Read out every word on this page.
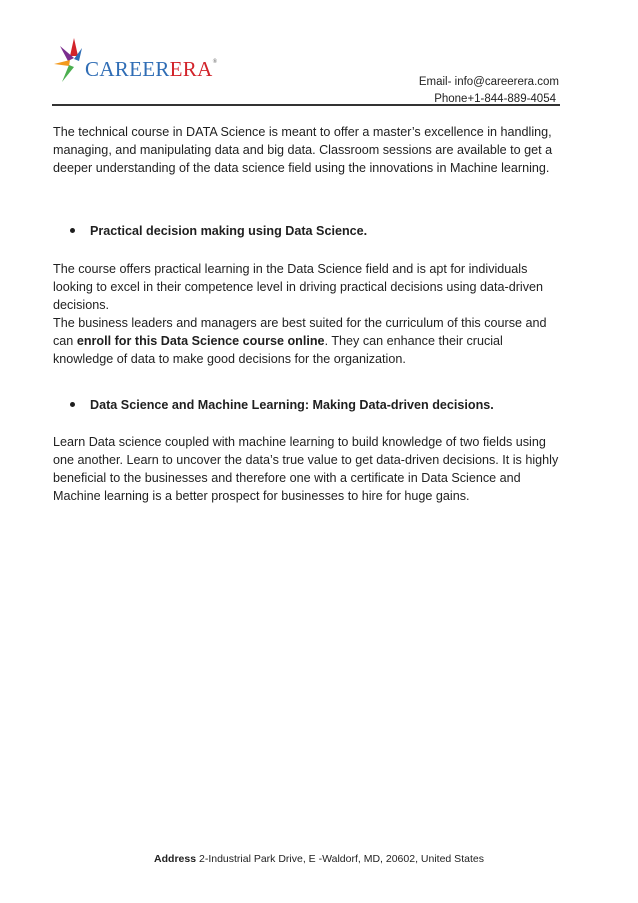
CAREERERA®
Email- info@careerera.com
Phone+1-844-889-4054

The technical course in DATA Science is meant to offer a master’s excellence in handling, managing, and manipulating data and big data. Classroom sessions are available to get a deeper understanding of the data science field using the innovations in Machine learning.

Practical decision making using Data Science.

The course offers practical learning in the Data Science field and is apt for individuals looking to excel in their competence level in driving practical decisions using data-driven decisions.

The business leaders and managers are best suited for the curriculum of this course and can enroll for this Data Science course online. They can enhance their crucial knowledge of data to make good decisions for the organization.

Data Science and Machine Learning: Making Data-driven decisions.

Learn Data science coupled with machine learning to build knowledge of two fields using one another. Learn to uncover the data’s true value to get data-driven decisions. It is highly beneficial to the businesses and therefore one with a certificate in Data Science and Machine learning is a better prospect for businesses to hire for huge gains.

Address 2-Industrial Park Drive, E -Waldorf, MD, 20602, United States
